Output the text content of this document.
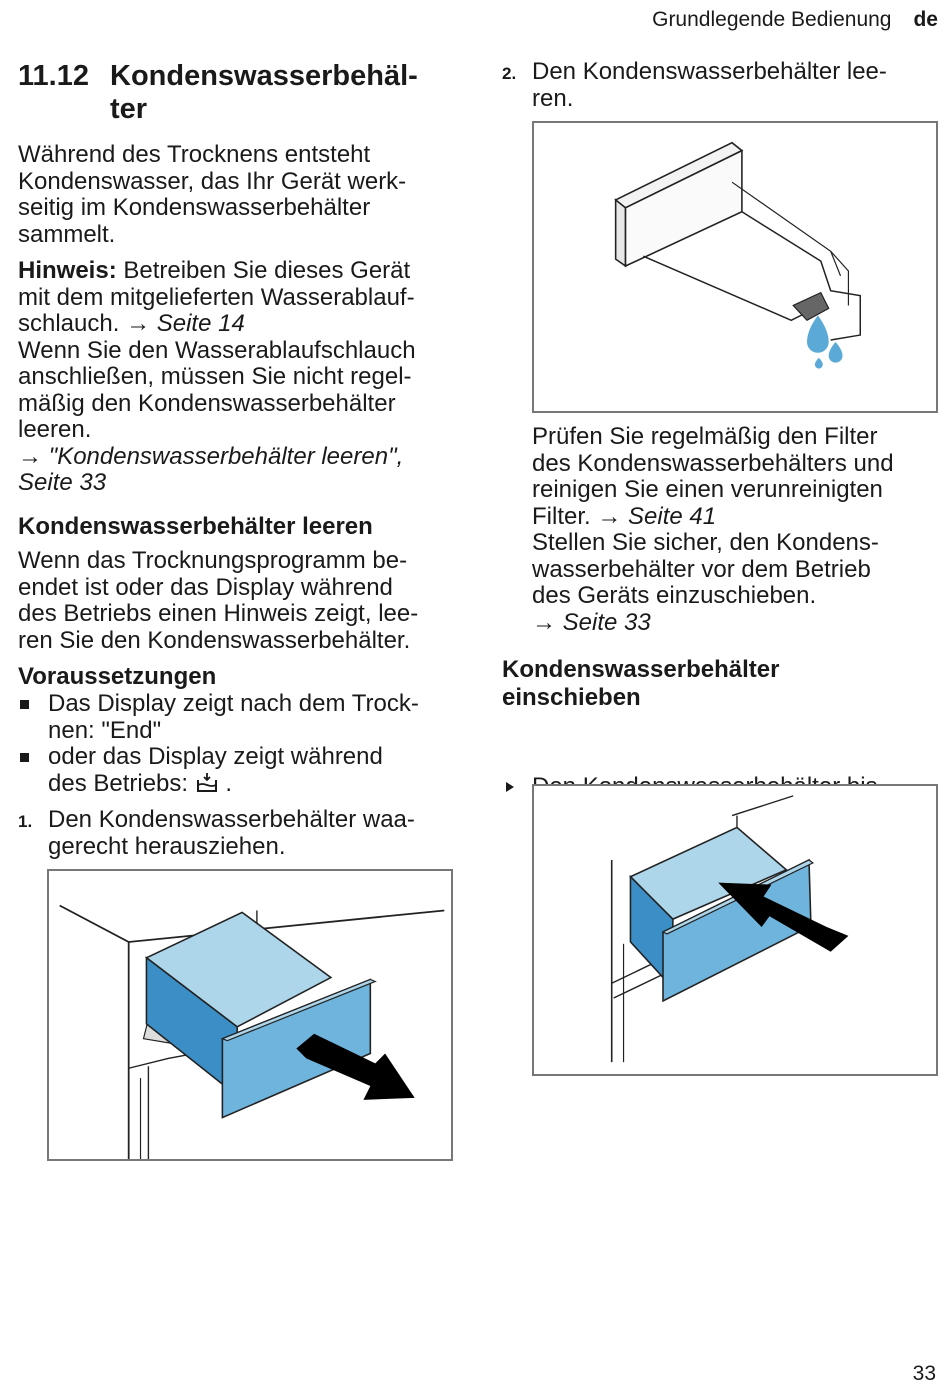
Grundlegende Bedienung de
11.12 Kondenswasserbehäl-
ter
Während des Trocknens entsteht
Kondenswasser, das Ihr Gerät werk-
seitig im Kondenswasserbehälter
sammelt.
Hinweis: Betreiben Sie dieses Gerät
mit dem mitgelieferten Wasserablauf-
schlauch. → Seite 14
Wenn Sie den Wasserablaufschlauch
anschließen, müssen Sie nicht regel-
mäßig den Kondenswasserbehälter
leeren.
→ "Kondenswasserbehälter leeren",
Seite 33
Kondenswasserbehälter leeren
Wenn das Trocknungsprogramm be-
endet ist oder das Display während
des Betriebs einen Hinweis zeigt, lee-
ren Sie den Kondenswasserbehälter.
Voraussetzungen
Das Display zeigt nach dem Trock-
nen: "End"
oder das Display zeigt während
des Betriebs:  .
1. Den Kondenswasserbehälter waa-
gerecht herausziehen.
2. Den Kondenswasserbehälter lee-
ren.
Prüfen Sie regelmäßig den Filter
des Kondenswasserbehälters und
reinigen Sie einen verunreinigten
Filter. → Seite 41
Stellen Sie sicher, den Kondens-
wasserbehälter vor dem Betrieb
des Geräts einzuschieben.
→ Seite 33
Kondenswasserbehälter
einschieben
33
